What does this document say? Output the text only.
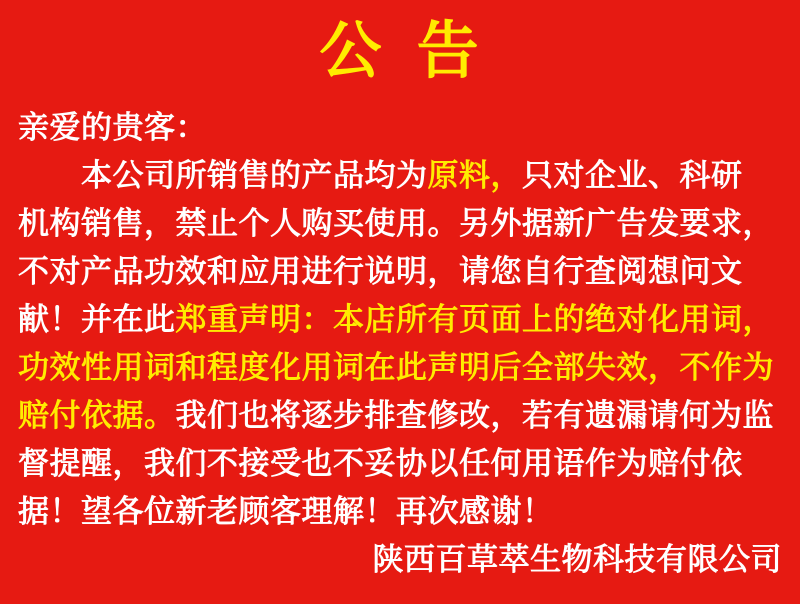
公 告
亲爱的贵客：
　　本公司所销售的产品均为原料，只对企业、科研
机构销售，禁止个人购买使用。另外据新广告发要求，
不对产品功效和应用进行说明，请您自行查阅想问文
献！并在此郑重声明：本店所有页面上的绝对化用词，
功效性用词和程度化用词在此声明后全部失效，不作为
赔付依据。我们也将逐步排查修改，若有遗漏请何为监
督提醒，我们不接受也不妥协以任何用语作为赔付依
据！望各位新老顾客理解！再次感谢！
陕西百草萃生物科技有限公司
